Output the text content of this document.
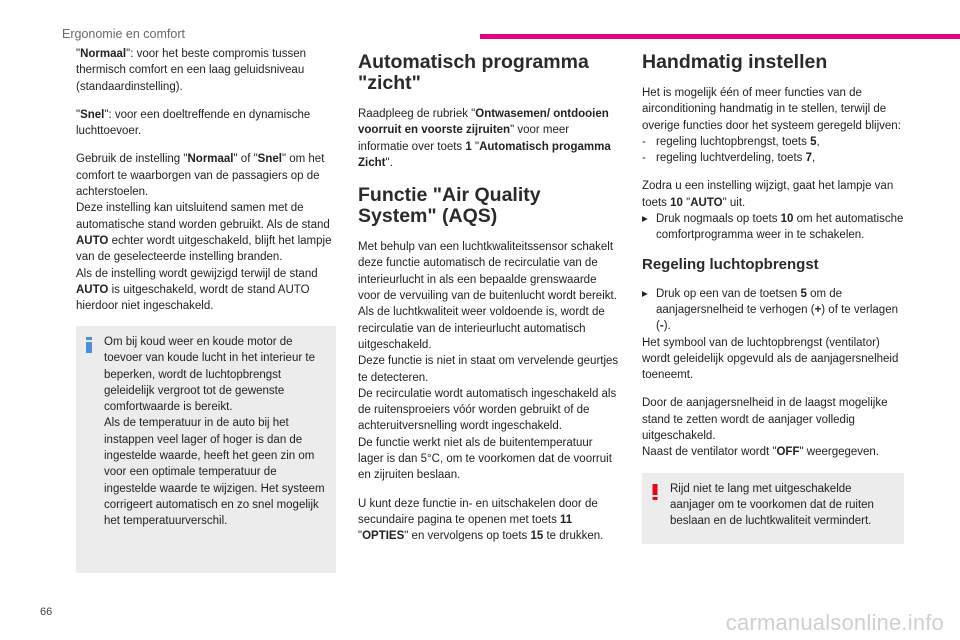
Ergonomie en comfort

"Normaal": voor het beste compromis tussen thermisch comfort en een laag geluidsniveau (standaardinstelling).

"Snel": voor een doeltreffende en dynamische luchttoevoer.

Gebruik de instelling "Normaal" of "Snel" om het comfort te waarborgen van de passagiers op de achterstoelen.
Deze instelling kan uitsluitend samen met de automatische stand worden gebruikt. Als de stand AUTO echter wordt uitgeschakeld, blijft het lampje van de geselecteerde instelling branden.
Als de instelling wordt gewijzigd terwijl de stand AUTO is uitgeschakeld, wordt de stand AUTO hierdoor niet ingeschakeld.

Om bij koud weer en koude motor de toevoer van koude lucht in het interieur te beperken, wordt de luchtopbrengst geleidelijk vergroot tot de gewenste comfortwaarde is bereikt.
Als de temperatuur in de auto bij het instappen veel lager of hoger is dan de ingestelde waarde, heeft het geen zin om voor een optimale temperatuur de ingestelde waarde te wijzigen. Het systeem corrigeert automatisch en zo snel mogelijk het temperatuurverschil.

Automatisch programma "zicht"

Raadpleeg de rubriek "Ontwasemen/ ontdooien voorruit en voorste zijruiten" voor meer informatie over toets 1 "Automatisch progamma Zicht".

Functie "Air Quality System" (AQS)

Met behulp van een luchtkwaliteitssensor schakelt deze functie automatisch de recirculatie van de interieurlucht in als een bepaalde grenswaarde voor de vervuiling van de buitenlucht wordt bereikt.
Als de luchtkwaliteit weer voldoende is, wordt de recirculatie van de interieurlucht automatisch uitgeschakeld.
Deze functie is niet in staat om vervelende geurtjes te detecteren.
De recirculatie wordt automatisch ingeschakeld als de ruitensproeiers vóór worden gebruikt of de achteruitversnelling wordt ingeschakeld.
De functie werkt niet als de buitentemperatuur lager is dan 5°C, om te voorkomen dat de voorruit en zijruiten beslaan.

U kunt deze functie in- en uitschakelen door de secundaire pagina te openen met toets 11 "OPTIES" en vervolgens op toets 15 te drukken.

Handmatig instellen

Het is mogelijk één of meer functies van de airconditioning handmatig in te stellen, terwijl de overige functies door het systeem geregeld blijven:

- regeling luchtopbrengst, toets 5,
- regeling luchtverdeling, toets 7,

Zodra u een instelling wijzigt, gaat het lampje van toets 10 "AUTO" uit.
▸ Druk nogmaals op toets 10 om het automatische comfortprogramma weer in te schakelen.

Regeling luchtopbrengst

▸ Druk op een van de toetsen 5 om de aanjagersnelheid te verhogen (+) of te verlagen (-).
Het symbool van de luchtopbrengst (ventilator) wordt geleidelijk opgevuld als de aanjagersnelheid toeneemt.

Door de aanjagersnelheid in de laagst mogelijke stand te zetten wordt de aanjager volledig uitgeschakeld.
Naast de ventilator wordt "OFF" weergegeven.

Rijd niet te lang met uitgeschakelde aanjager om te voorkomen dat de ruiten beslaan en de luchtkwaliteit vermindert.

66	carmanualsonline.info
